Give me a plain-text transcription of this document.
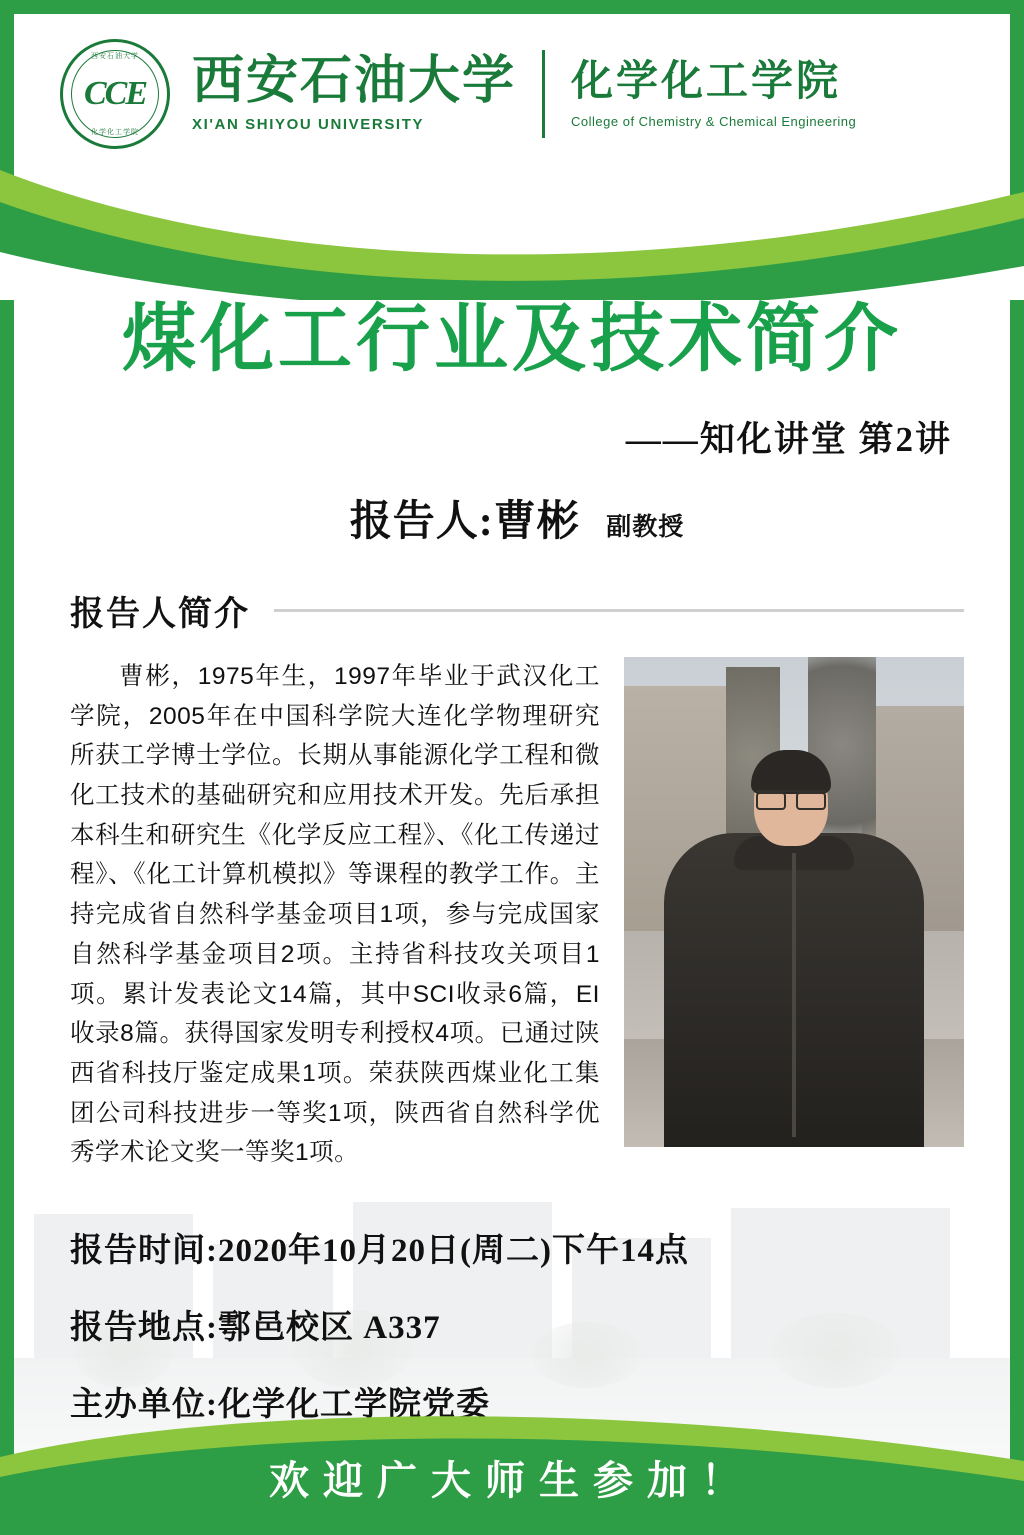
西安石油大学
CCE
化学化工学院
西安石油大学
XI'AN SHIYOU UNIVERSITY
化学化工学院
College of Chemistry & Chemical Engineering
煤化工行业及技术简介
——知化讲堂 第2讲
报告人:曹彬 副教授
报告人简介
曹彬，1975年生，1997年毕业于武汉化工学院，2005年在中国科学院大连化学物理研究所获工学博士学位。长期从事能源化学工程和微化工技术的基础研究和应用技术开发。先后承担本科生和研究生《化学反应工程》、《化工传递过程》、《化工计算机模拟》等课程的教学工作。主持完成省自然科学基金项目1项，参与完成国家自然科学基金项目2项。主持省科技攻关项目1项。累计发表论文14篇，其中SCI收录6篇，EI收录8篇。获得国家发明专利授权4项。已通过陕西省科技厅鉴定成果1项。荣获陕西煤业化工集团公司科技进步一等奖1项，陕西省自然科学优秀学术论文奖一等奖1项。
报告时间:2020年10月20日(周二)下午14点
报告地点:鄠邑校区 A337
主办单位:化学化工学院党委
欢迎广大师生参加！
